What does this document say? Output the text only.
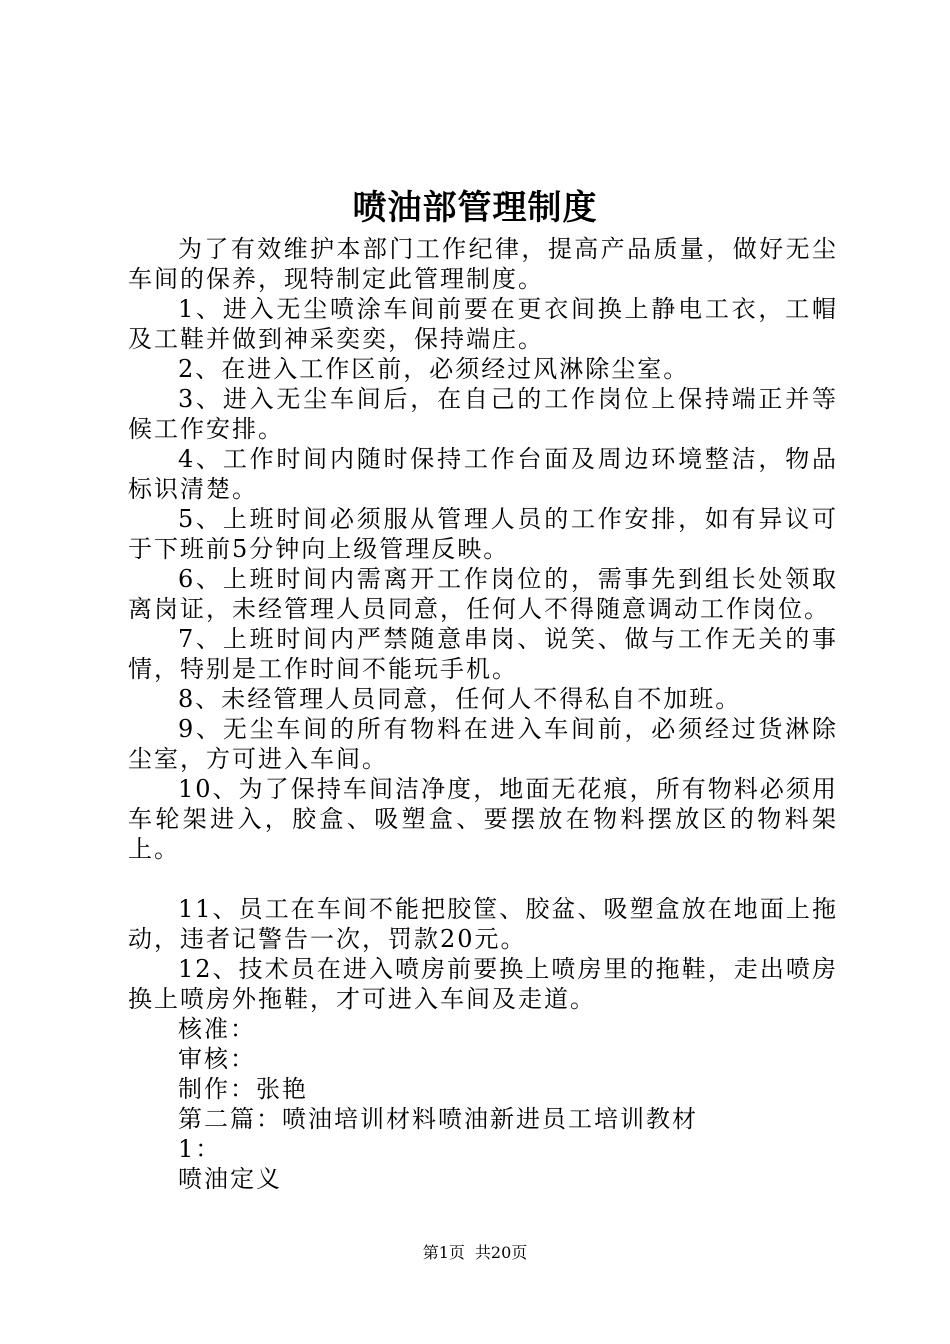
喷油部管理制度

为了有效维护本部门工作纪律，提高产品质量，做好无尘车间的保养，现特制定此管理制度。

1、进入无尘喷涂车间前要在更衣间换上静电工衣，工帽及工鞋并做到神采奕奕，保持端庄。

2、在进入工作区前，必须经过风淋除尘室。

3、进入无尘车间后，在自己的工作岗位上保持端正并等候工作安排。

4、工作时间内随时保持工作台面及周边环境整洁，物品标识清楚。

5、上班时间必须服从管理人员的工作安排，如有异议可于下班前5分钟向上级管理反映。

6、上班时间内需离开工作岗位的，需事先到组长处领取离岗证，未经管理人员同意，任何人不得随意调动工作岗位。

7、上班时间内严禁随意串岗、说笑、做与工作无关的事情，特别是工作时间不能玩手机。

8、未经管理人员同意，任何人不得私自不加班。

9、无尘车间的所有物料在进入车间前，必须经过货淋除尘室，方可进入车间。

10、为了保持车间洁净度，地面无花痕，所有物料必须用车轮架进入，胶盒、吸塑盒、要摆放在物料摆放区的物料架上。

11、员工在车间不能把胶筐、胶盆、吸塑盒放在地面上拖动，违者记警告一次，罚款20元。

12、技术员在进入喷房前要换上喷房里的拖鞋，走出喷房换上喷房外拖鞋，才可进入车间及走道。

核准：

审核：

制作：张艳

第二篇：喷油培训材料喷油新进员工培训教材

1：

喷油定义

第1页 共20页
